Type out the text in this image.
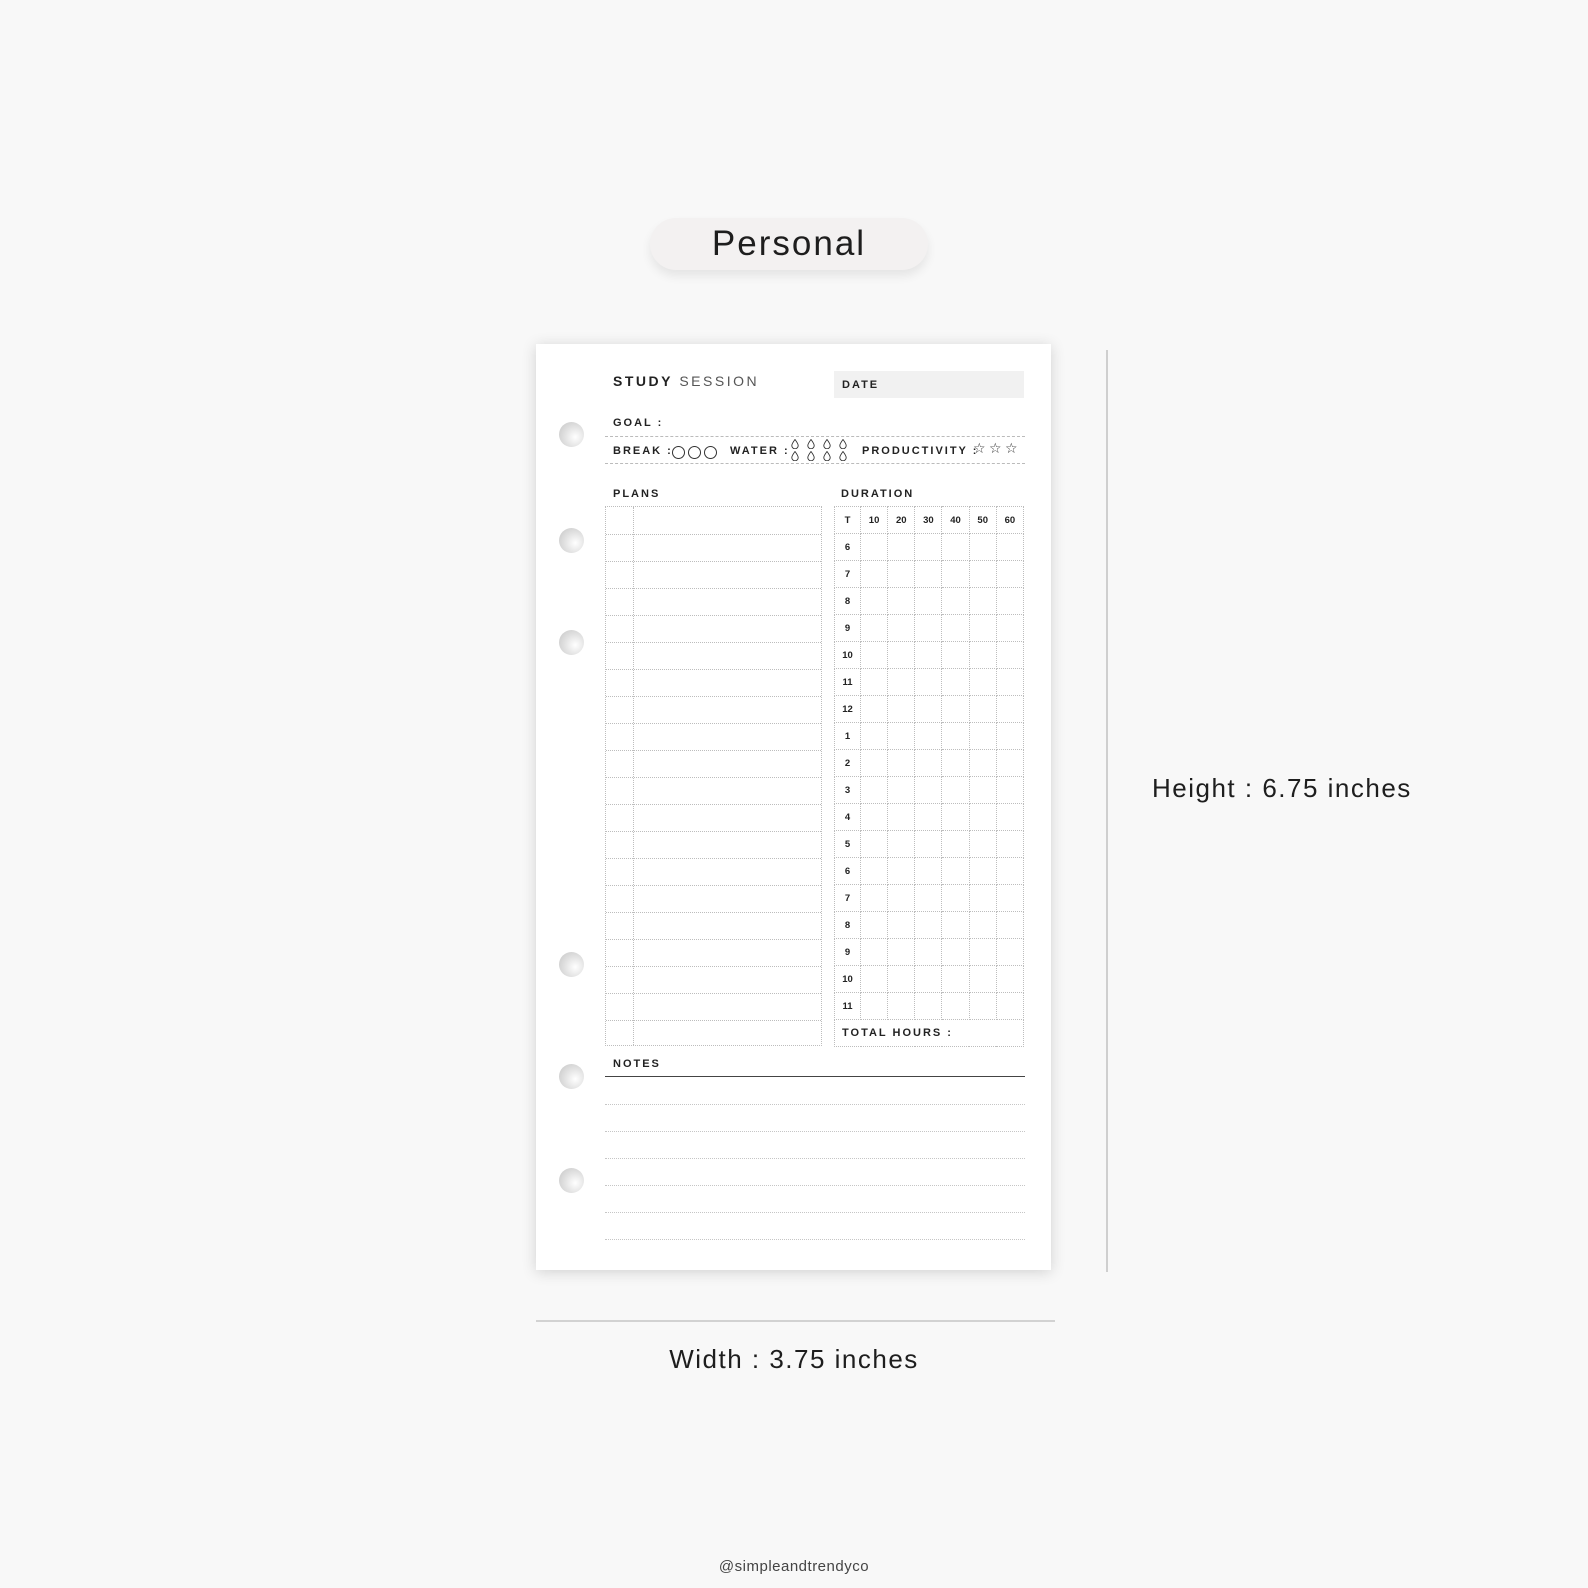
Personal
STUDY SESSION	DATE
GOAL :
BREAK :	WATER :	PRODUCTIVITY :
☆ ☆ ☆
PLANS	DURATION
T	10	20	30	40	50	60
6						
7						
8						
9						
10						
11						
12						
1						
2						
3						
4						
5						
6						
7						
8						
9						
10						
11						
TOTAL HOURS :						
NOTES
Height : 6.75 inches
Width : 3.75 inches
@simpleandtrendyco
